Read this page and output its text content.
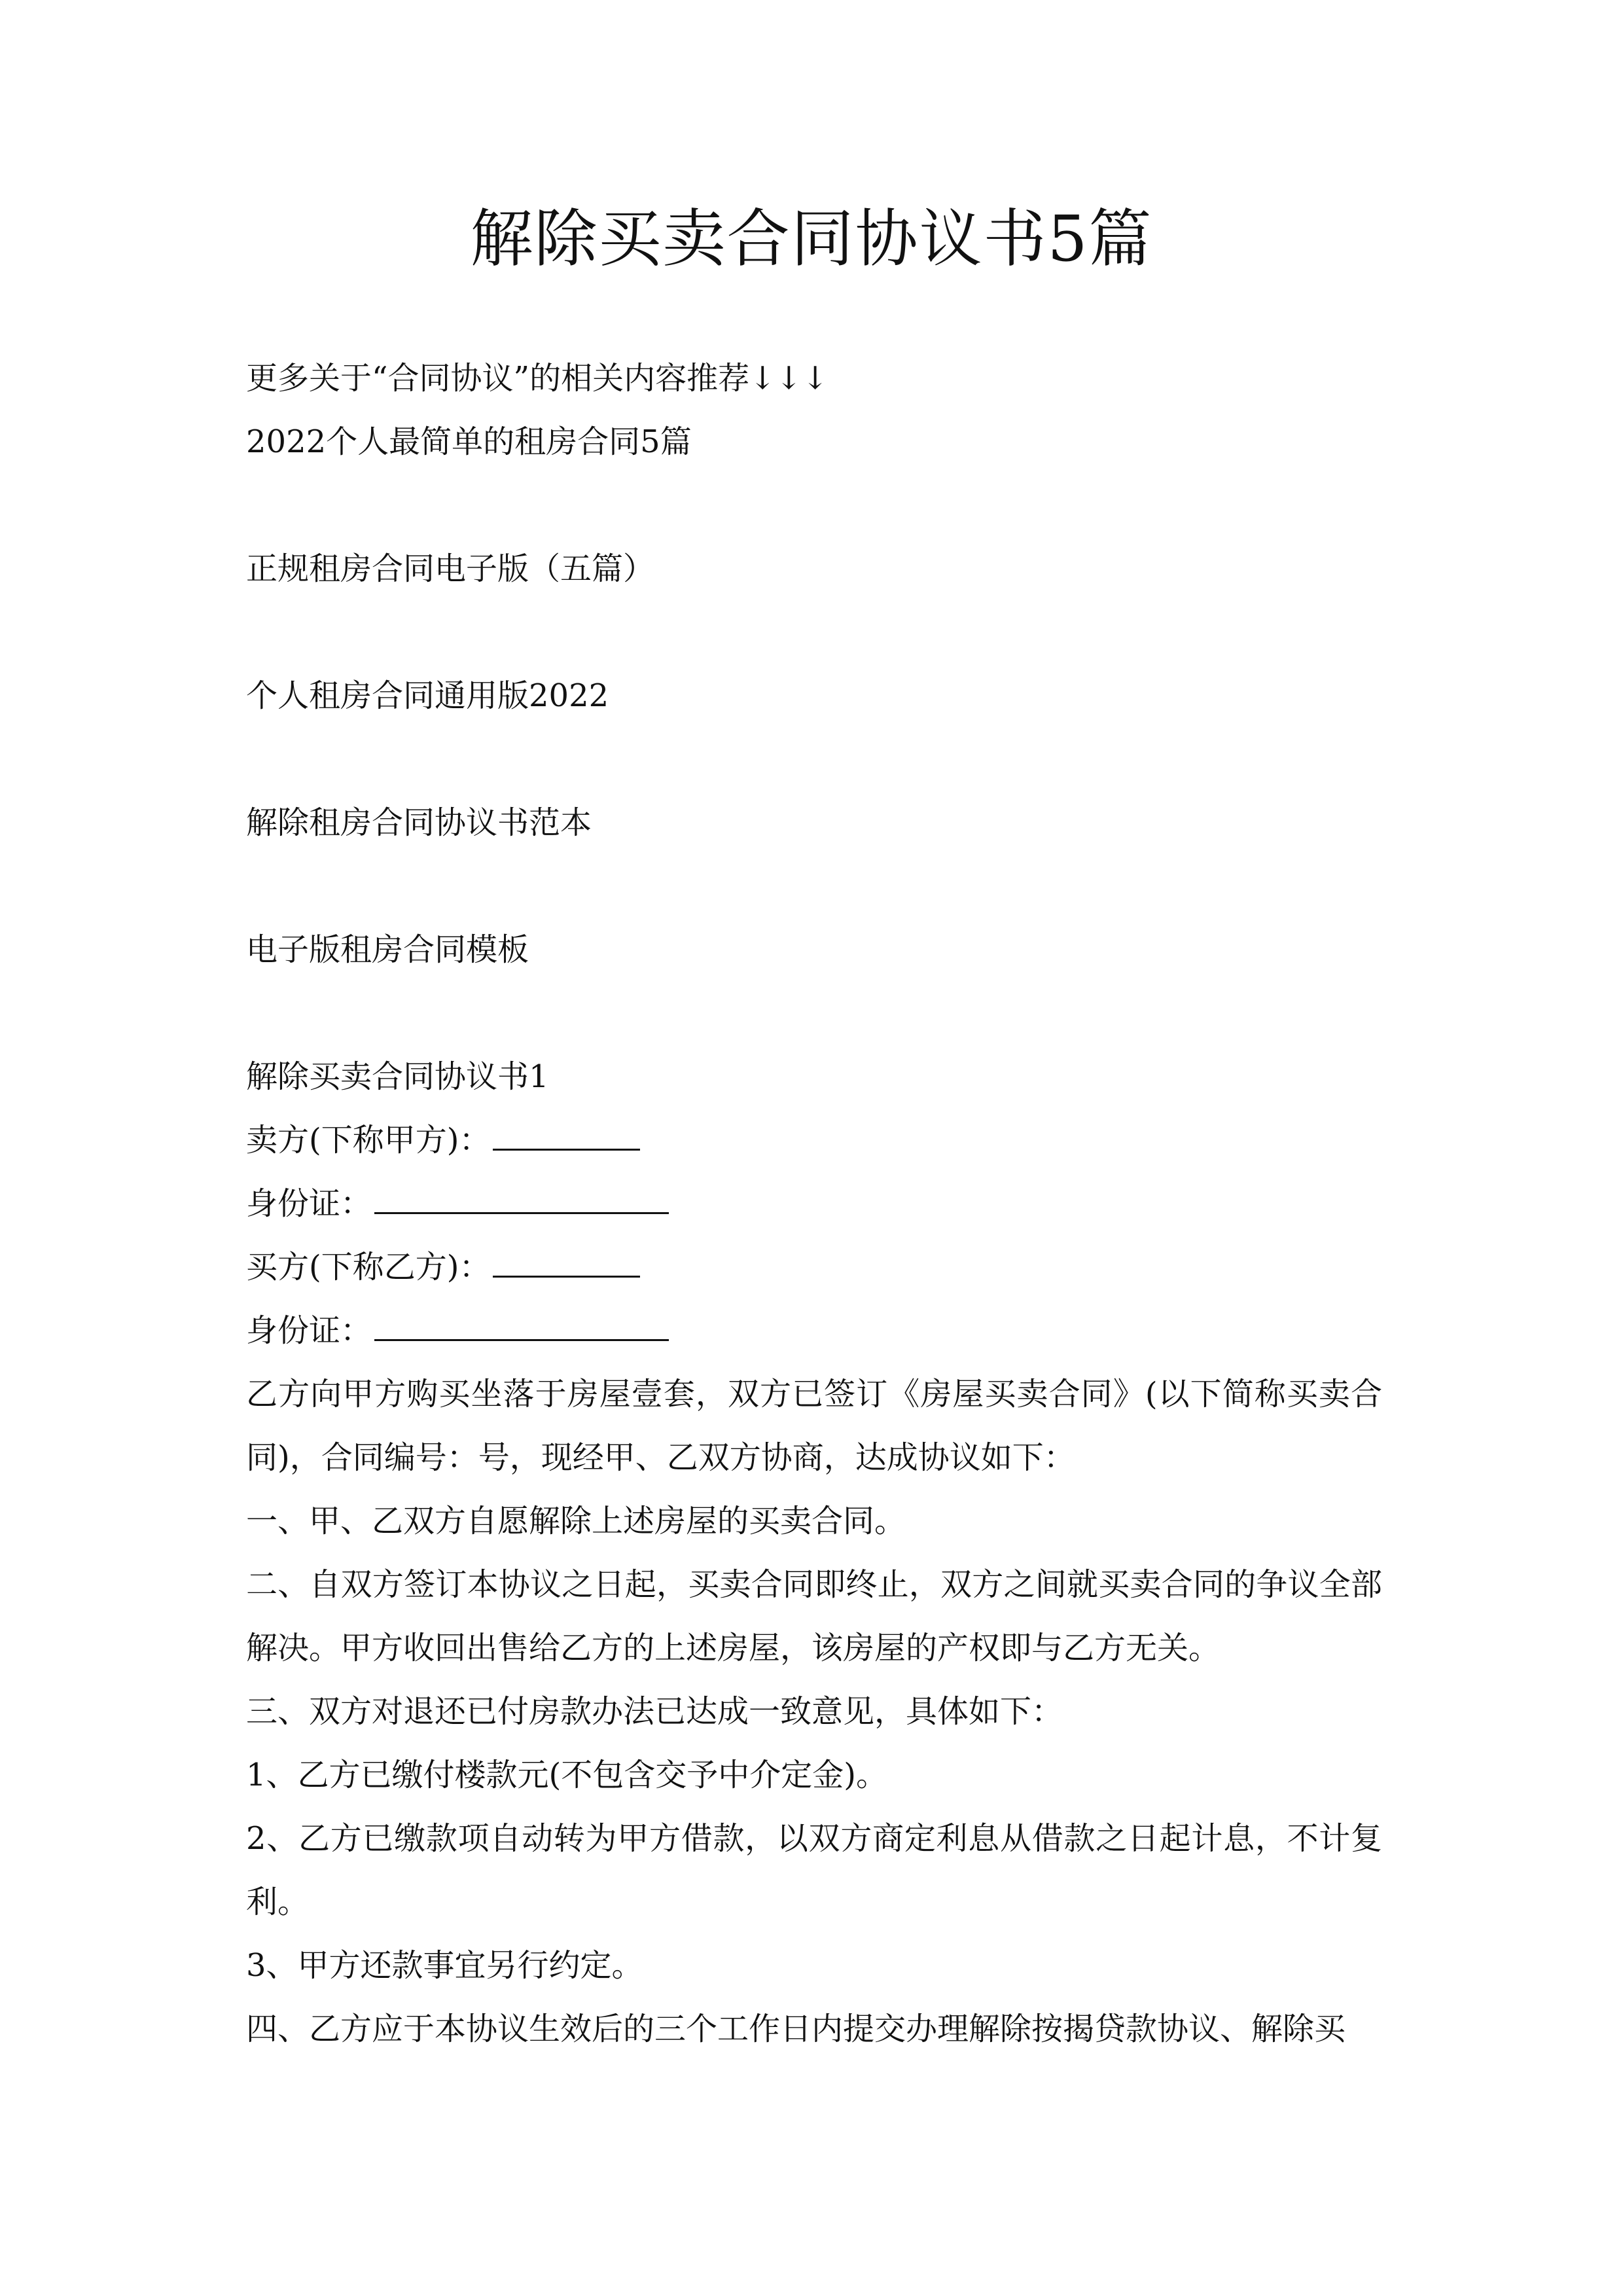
解除买卖合同协议书5篇

更多关于“合同协议”的相关内容推荐↓↓↓

2022个人最简单的租房合同5篇

正规租房合同电子版（五篇）

个人租房合同通用版2022

解除租房合同协议书范本

电子版租房合同模板

解除买卖合同协议书1

卖方(下称甲方)：

身份证：

买方(下称乙方)：

身份证：

乙方向甲方购买坐落于房屋壹套，双方已签订《房屋买卖合同》(以下简称买卖合同)，合同编号：号，现经甲、乙双方协商，达成协议如下：

一、甲、乙双方自愿解除上述房屋的买卖合同。

二、自双方签订本协议之日起，买卖合同即终止，双方之间就买卖合同的争议全部解决。甲方收回出售给乙方的上述房屋，该房屋的产权即与乙方无关。

三、双方对退还已付房款办法已达成一致意见，具体如下：

1、乙方已缴付楼款元(不包含交予中介定金)。

2、乙方已缴款项自动转为甲方借款，以双方商定利息从借款之日起计息，不计复利。

3、甲方还款事宜另行约定。

四、乙方应于本协议生效后的三个工作日内提交办理解除按揭贷款协议、解除买
